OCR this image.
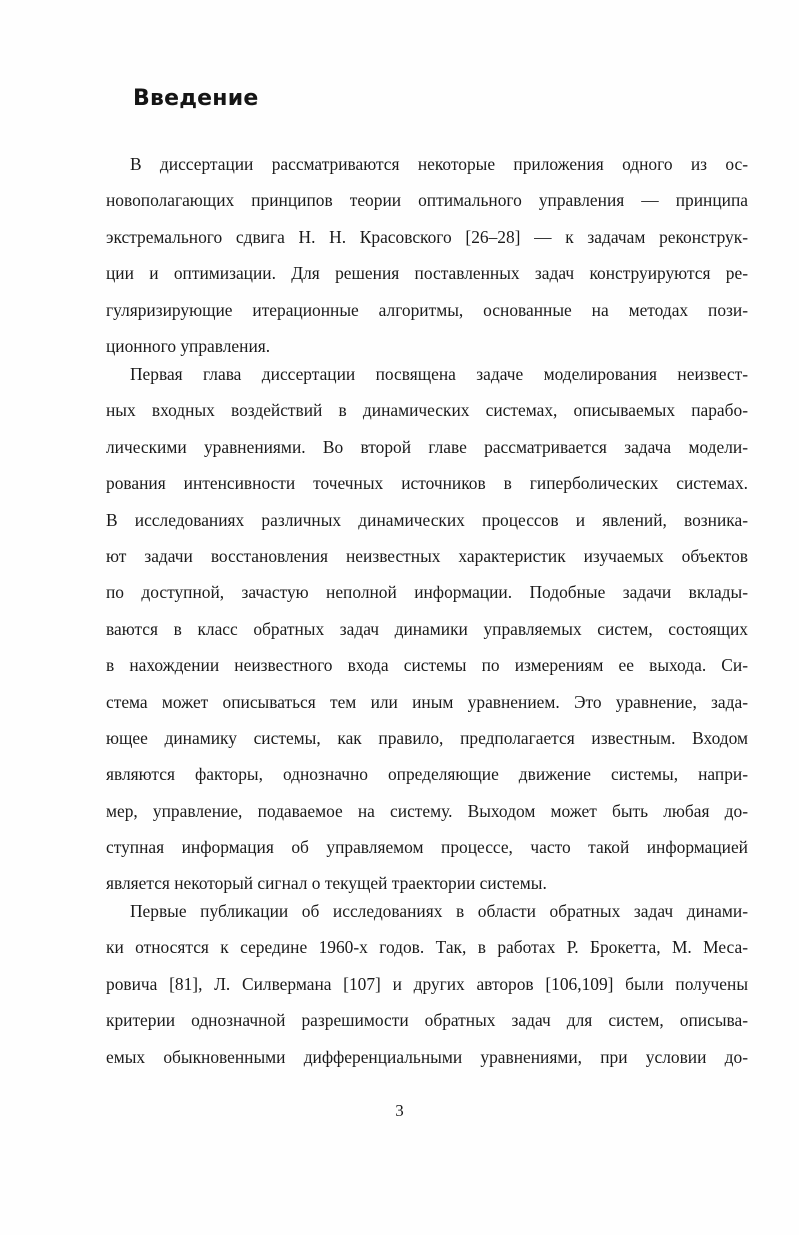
Введение
В диссертации рассматриваются некоторые приложения одного из ос-
новополагающих принципов теории оптимального управления — принципа
экстремального сдвига Н. Н. Красовского [26–28] — к задачам реконструк-
ции и оптимизации. Для решения поставленных задач конструируются ре-
гуляризирующие итерационные алгоритмы, основанные на методах пози-
ционного управления.
Первая глава диссертации посвящена задаче моделирования неизвест-
ных входных воздействий в динамических системах, описываемых парабо-
лическими уравнениями. Во второй главе рассматривается задача модели-
рования интенсивности точечных источников в гиперболических системах.
В исследованиях различных динамических процессов и явлений, возника-
ют задачи восстановления неизвестных характеристик изучаемых объектов
по доступной, зачастую неполной информации. Подобные задачи вклады-
ваются в класс обратных задач динамики управляемых систем, состоящих
в нахождении неизвестного входа системы по измерениям ее выхода. Си-
стема может описываться тем или иным уравнением. Это уравнение, зада-
ющее динамику системы, как правило, предполагается известным. Входом
являются факторы, однозначно определяющие движение системы, напри-
мер, управление, подаваемое на систему. Выходом может быть любая до-
ступная информация об управляемом процессе, часто такой информацией
является некоторый сигнал о текущей траектории системы.
Первые публикации об исследованиях в области обратных задач динами-
ки относятся к середине 1960-х годов. Так, в работах Р. Брокетта, М. Меса-
ровича [81], Л. Силвермана [107] и других авторов [106,109] были получены
критерии однозначной разрешимости обратных задач для систем, описыва-
емых обыкновенными дифференциальными уравнениями, при условии до-
3
